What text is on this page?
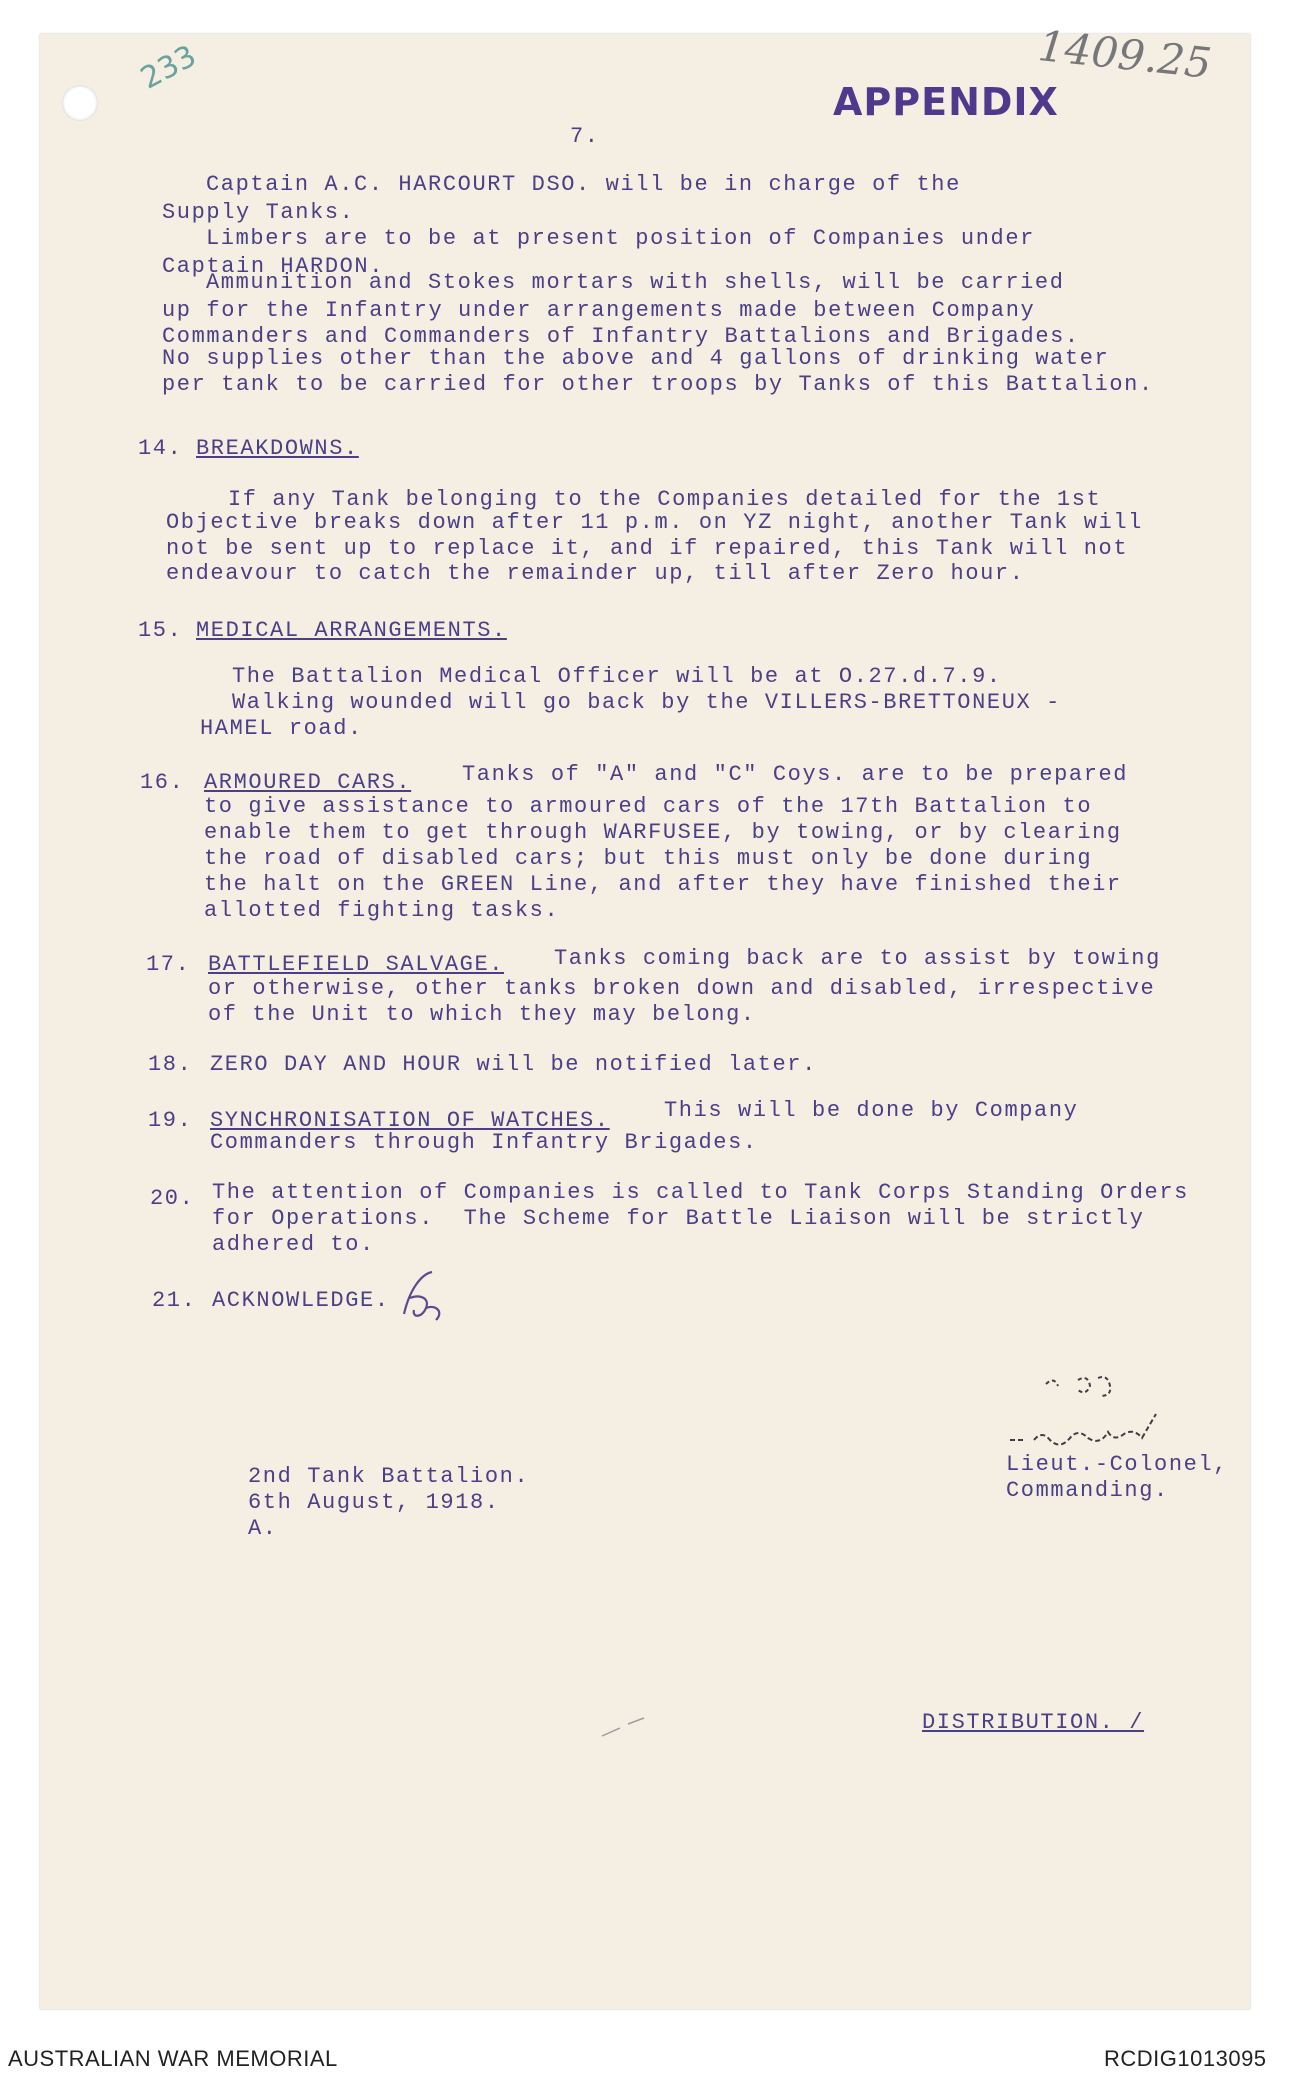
233	1409.25
APPENDIX
7.

Captain A.C. HARCOURT DSO. will be in charge of the

Supply Tanks.

Limbers are to be at present position of Companies under

Captain HARDON.

Ammunition and Stokes mortars with shells, will be carried

up for the Infantry under arrangements made between Company

Commanders and Commanders of Infantry Battalions and Brigades.

No supplies other than the above and 4 gallons of drinking water

per tank to be carried for other troops by Tanks of this Battalion.

14. BREAKDOWNS.

If any Tank belonging to the Companies detailed for the 1st

Objective breaks down after 11 p.m. on YZ night, another Tank will

not be sent up to replace it, and if repaired, this Tank will not

endeavour to catch the remainder up, till after Zero hour.

15. MEDICAL ARRANGEMENTS.

The Battalion Medical Officer will be at O.27.d.7.9.

Walking wounded will go back by the VILLERS-BRETTONEUX -

HAMEL road.

16. ARMOURED CARS. Tanks of "A" and "C" Coys. are to be prepared

to give assistance to armoured cars of the 17th Battalion to

enable them to get through WARFUSEE, by towing, or by clearing

the road of disabled cars; but this must only be done during

the halt on the GREEN Line, and after they have finished their

allotted fighting tasks.

17. BATTLEFIELD SALVAGE. Tanks coming back are to assist by towing

or otherwise, other tanks broken down and disabled, irrespective

of the Unit to which they may belong.

18. ZERO DAY AND HOUR will be notified later.
19. SYNCHRONISATION OF WATCHES. This will be done by Company

Commanders through Infantry Brigades.

20. The attention of Companies is called to Tank Corps Standing Orders

for Operations.  The Scheme for Battle Liaison will be strictly

adhered to.

21. ACKNOWLEDGE.

2nd Tank Battalion.

6th August, 1918.

A.

Lieut.-Colonel,

Commanding.

DISTRIBUTION. /

AUSTRALIAN WAR MEMORIAL	RCDIG1013095
